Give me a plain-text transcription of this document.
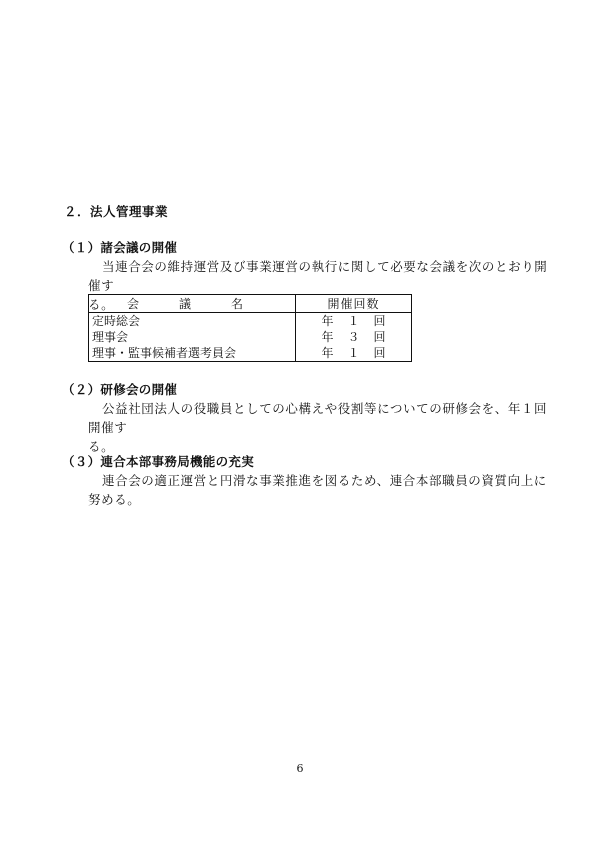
２．法人管理事業
（１）諸会議の開催
当連合会の維持運営及び事業運営の執行に関して必要な会議を次のとおり開催す
る。	会　議　名	開催回数
定時総会	年 １ 回
理事会	年 ３ 回
理事・監事候補者選考員会	年 １ 回
（２）研修会の開催
公益社団法人の役職員としての心構えや役割等についての研修会を、年１回開催す
る。
（３）連合本部事務局機能の充実
連合会の適正運営と円滑な事業推進を図るため、連合本部職員の資質向上に努める。
6
